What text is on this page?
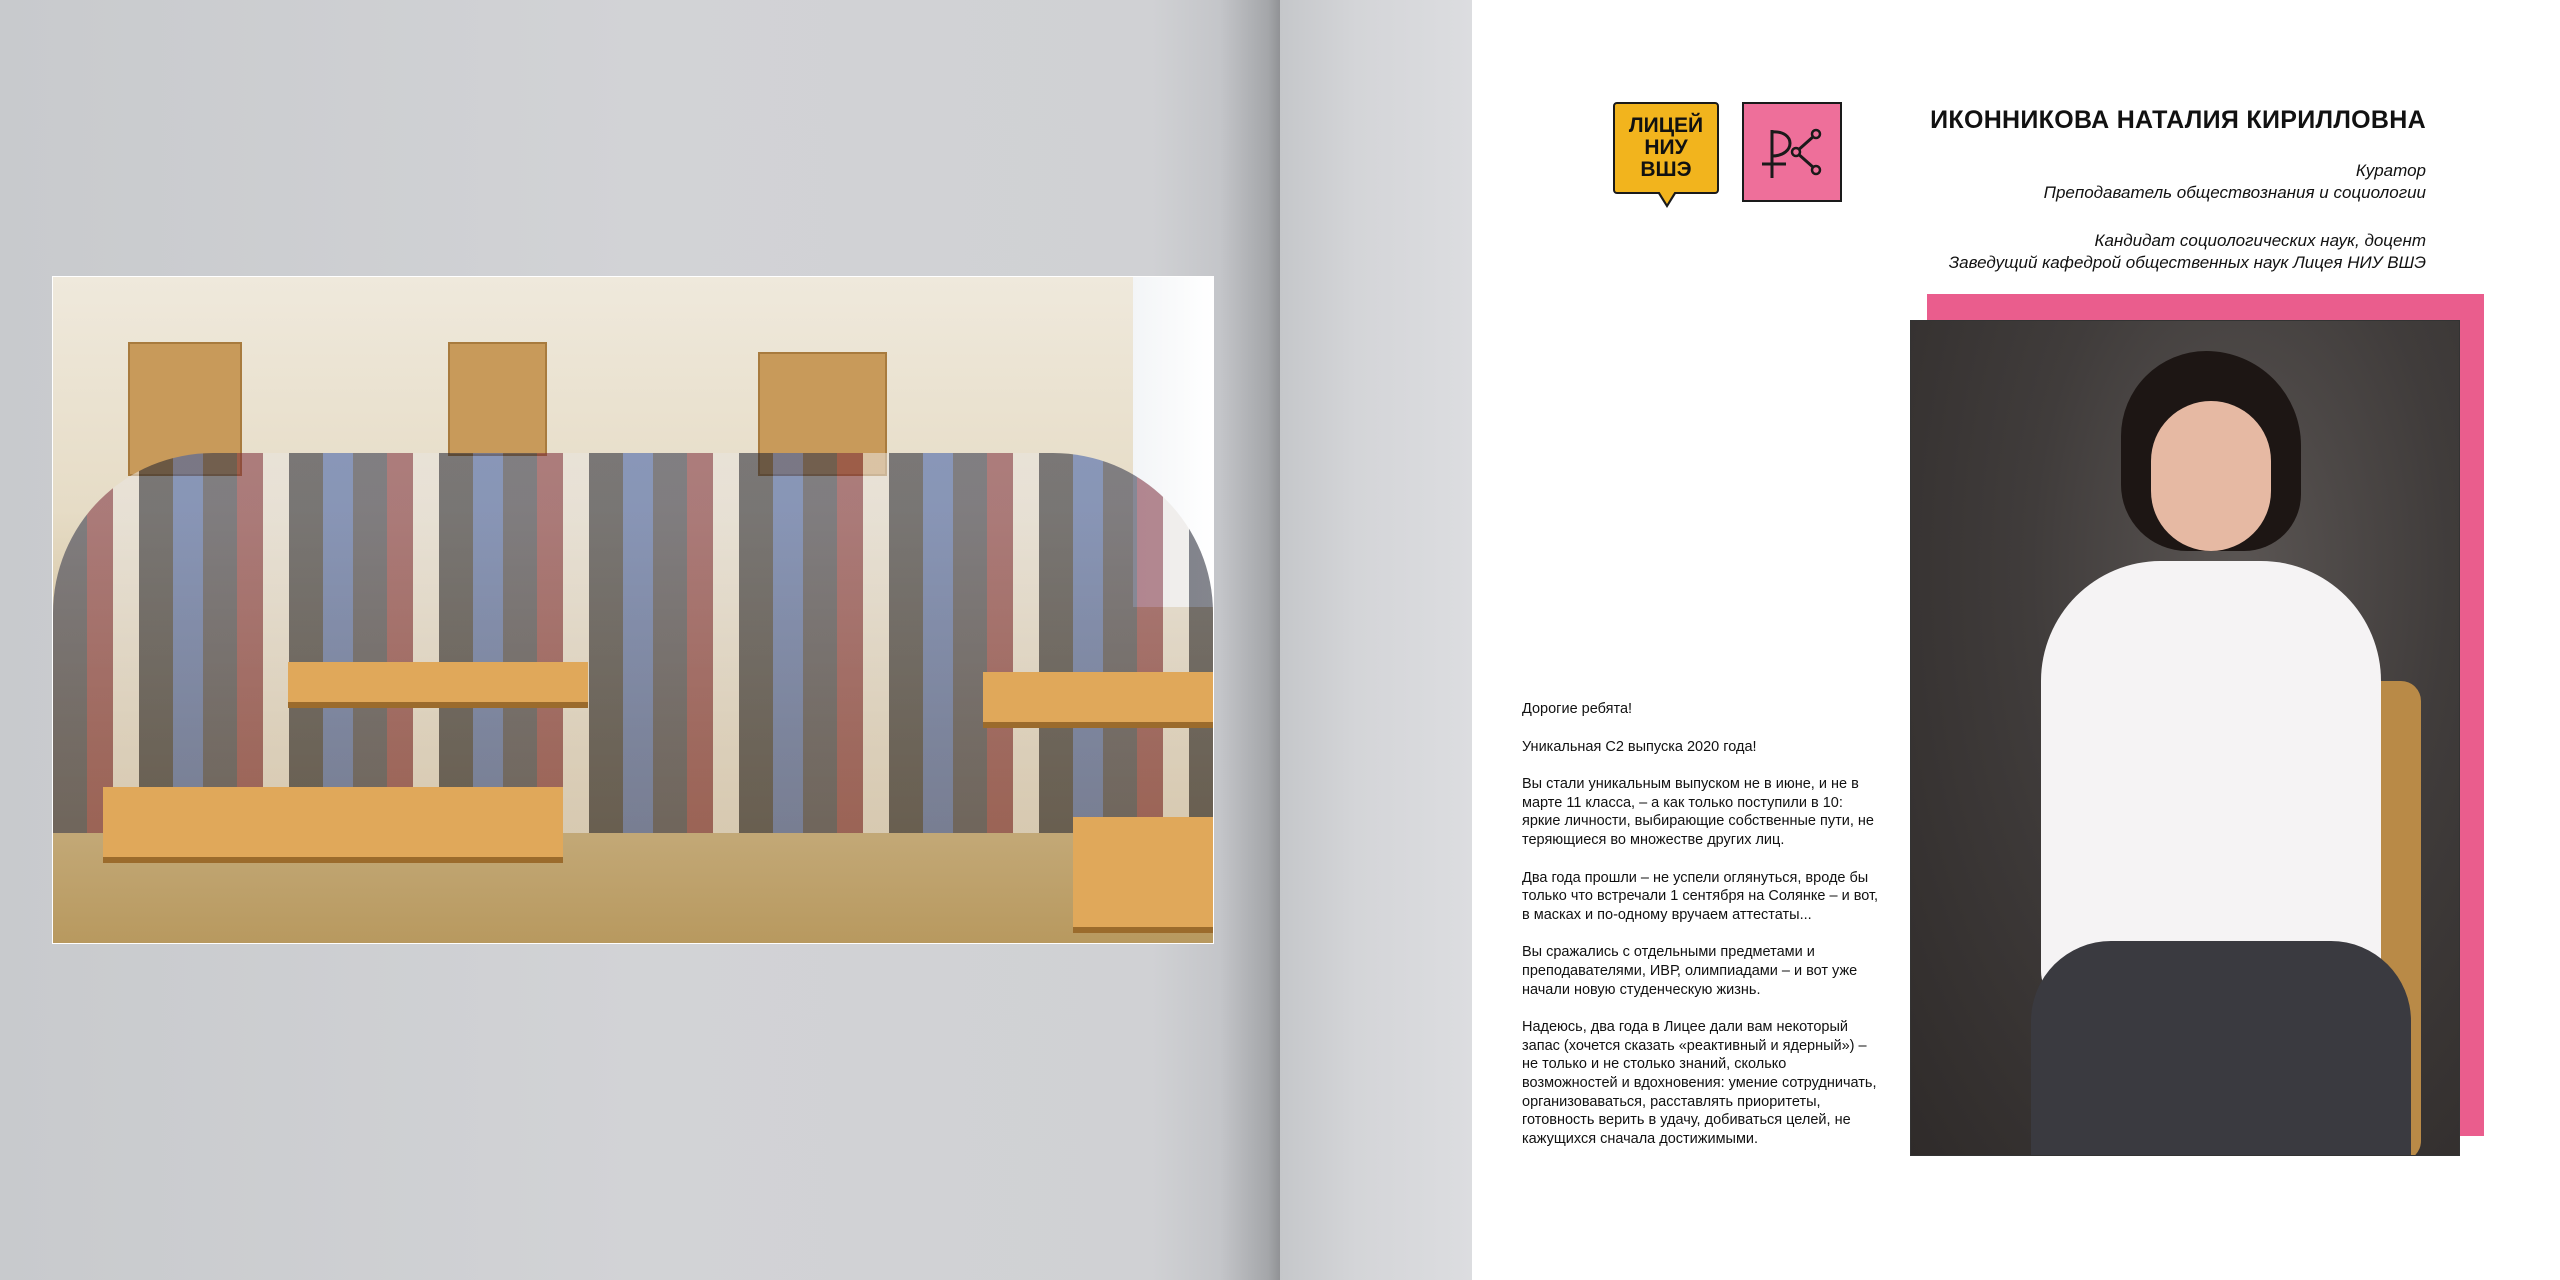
ЛИЦЕЙ
НИУ
ВШЭ
ИКОННИКОВА НАТАЛИЯ КИРИЛЛОВНА
Куратор
Преподаватель обществознания и социологии
Кандидат социологических наук, доцент
Заведущий кафедрой общественных наук Лицея НИУ ВШЭ

Дорогие ребята!

Уникальная С2 выпуска 2020 года!

Вы стали уникальным выпуском не в июне, и не в марте 11 класса, – а как только поступили в 10: яркие личности, выбирающие собственные пути, не теряющиеся во множестве других лиц.

Два года прошли – не успели оглянуться, вроде бы только что встречали 1 сентября на Солянке – и вот, в масках и по-одному вручаем аттестаты...

Вы сражались с отдельными предметами и преподавателями, ИВР, олимпиадами – и вот уже начали новую студенческую жизнь.

Надеюсь, два года в Лицее дали вам некоторый запас (хочется сказать «реактивный и ядерный») – не только и не столько знаний, сколько возможностей и вдохновения: умение сотрудничать, организоваваться, расставлять приоритеты, готовность верить в удачу, добиваться целей, не кажущихся сначала достижимыми.
